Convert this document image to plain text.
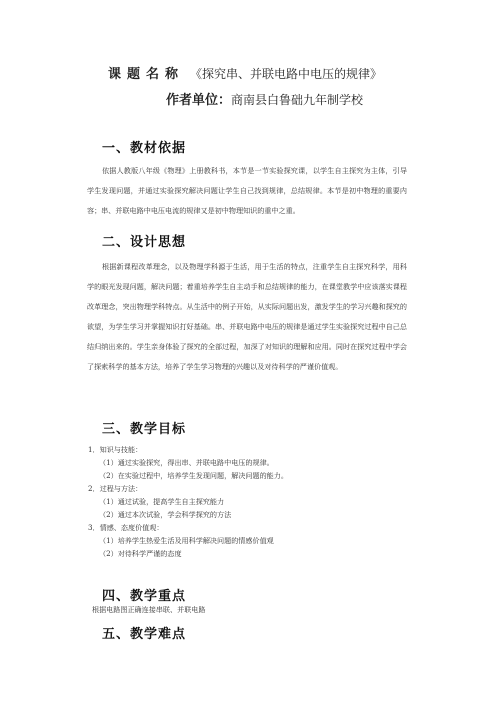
课题名称 《探究串、并联电路中电压的规律》
作者单位：商南县白鲁础九年制学校
一、教材依据
依据人教版八年级《物理》上册教科书，本节是一节实验探究课，以学生自主探究为主体，引导学生发现问题，并通过实验探究解决问题让学生自己找到规律，总结规律。本节是初中物理的重要内容；串、并联电路中电压电流的规律又是初中物理知识的重中之重。
二、设计思想
根据新课程改革理念，以及物理学科源于生活，用于生活的特点，注重学生自主探究科学，用科学的眼光发现问题，解决问题；着重培养学生自主动手和总结规律的能力，在课堂教学中应该落实课程改革理念，突出物理学科特点。从生活中的例子开始，从实际问题出发，激发学生的学习兴趣和探究的欲望，为学生学习并掌握知识打好基础。串、并联电路中电压的规律是通过学生实验探究过程中自己总结归纳出来的。学生亲身体验了探究的全部过程，加深了对知识的理解和应用。同时在探究过程中学会了探索科学的基本方法，培养了学生学习物理的兴趣以及对待科学的严谨价值观。
三、教学目标
1．知识与技能：
（1）通过实验探究，得出串、并联电路中电压的规律。
（2）在实验过程中，培养学生发现问题，解决问题的能力。
2．过程与方法：
（1）通过试验，提高学生自主探究能力
（2）通过本次试验，学会科学探究的方法
3．情感、态度价值观：
（1）培养学生热爱生活及用科学解决问题的情感价值观
（2）对待科学严谨的态度
四、教学重点
根据电路图正确连接串联、并联电路
五、教学难点
